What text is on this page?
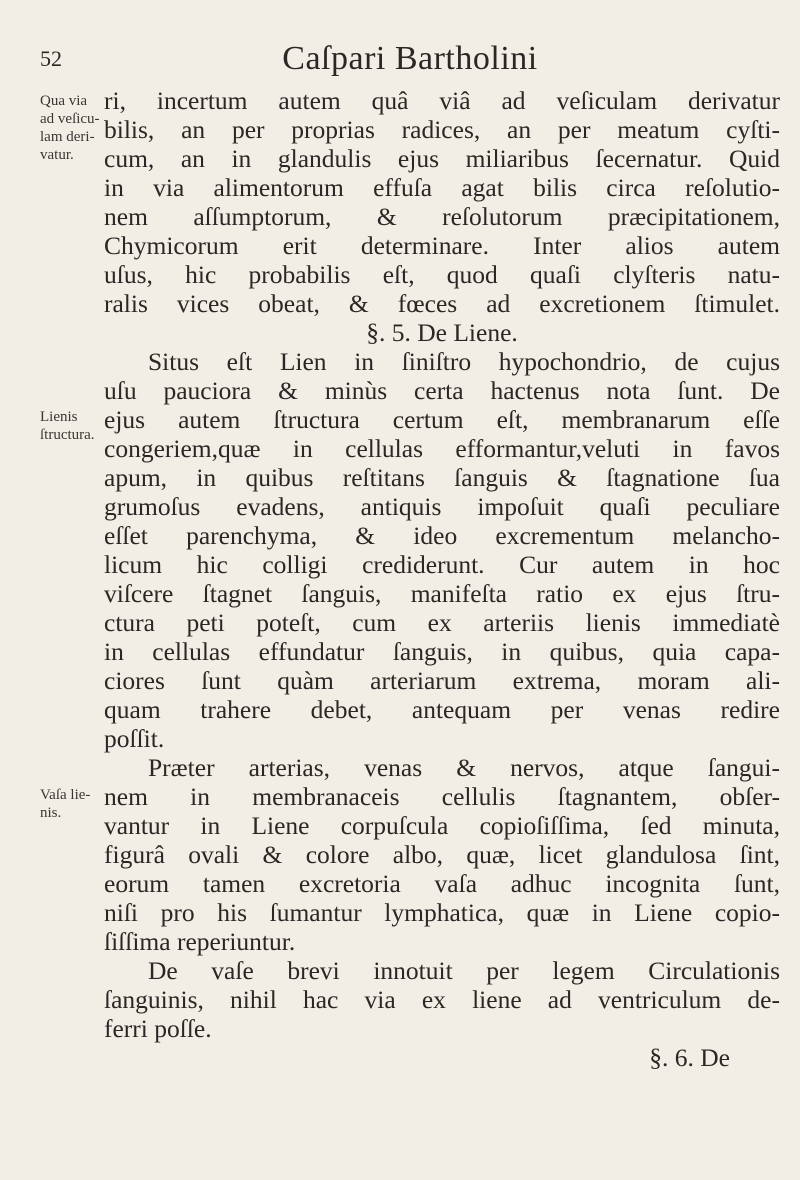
52	Caſpari Bartholini
Qua via ad veſicu-lam deri-vatur.
Lienis ſtructura.
Vaſa lie-nis.
ri, incertum autem quâ viâ ad veſiculam derivatur
bilis, an per proprias radices, an per meatum cyſti-
cum, an in glandulis ejus miliaribus ſecernatur. Quid
in via alimentorum effuſa agat bilis circa reſolutio-
nem aſſumptorum, & reſolutorum præcipitationem,
Chymicorum erit determinare. Inter alios autem
uſus, hic probabilis eſt, quod quaſi clyſteris natu-
ralis vices obeat, & fœces ad excretionem ſtimulet.
§. 5. De Liene.
Situs eſt Lien in ſiniſtro hypochondrio, de cujus
uſu pauciora & minùs certa hactenus nota ſunt. De
ejus autem ſtructura certum eſt, membranarum eſſe
congeriem,quæ in cellulas efformantur,veluti in favos
apum, in quibus reſtitans ſanguis & ſtagnatione ſua
grumoſus evadens, antiquis impoſuit quaſi peculiare
eſſet parenchyma, & ideo excrementum melancho-
licum hic colligi crediderunt. Cur autem in hoc
viſcere ſtagnet ſanguis, manifeſta ratio ex ejus ſtru-
ctura peti poteſt, cum ex arteriis lienis immediatè
in cellulas effundatur ſanguis, in quibus, quia capa-
ciores ſunt quàm arteriarum extrema, moram ali-
quam trahere debet, antequam per venas redire
poſſit.
Præter arterias, venas & nervos, atque ſangui-
nem in membranaceis cellulis ſtagnantem, obſer-
vantur in Liene corpuſcula copioſiſſima, ſed minuta,
figurâ ovali & colore albo, quæ, licet glandulosa ſint,
eorum tamen excretoria vaſa adhuc incognita ſunt,
niſi pro his ſumantur lymphatica, quæ in Liene copio-
ſiſſima reperiuntur.
De vaſe brevi innotuit per legem Circulationis
ſanguinis, nihil hac via ex liene ad ventriculum de-
ferri poſſe.
§. 6. De
